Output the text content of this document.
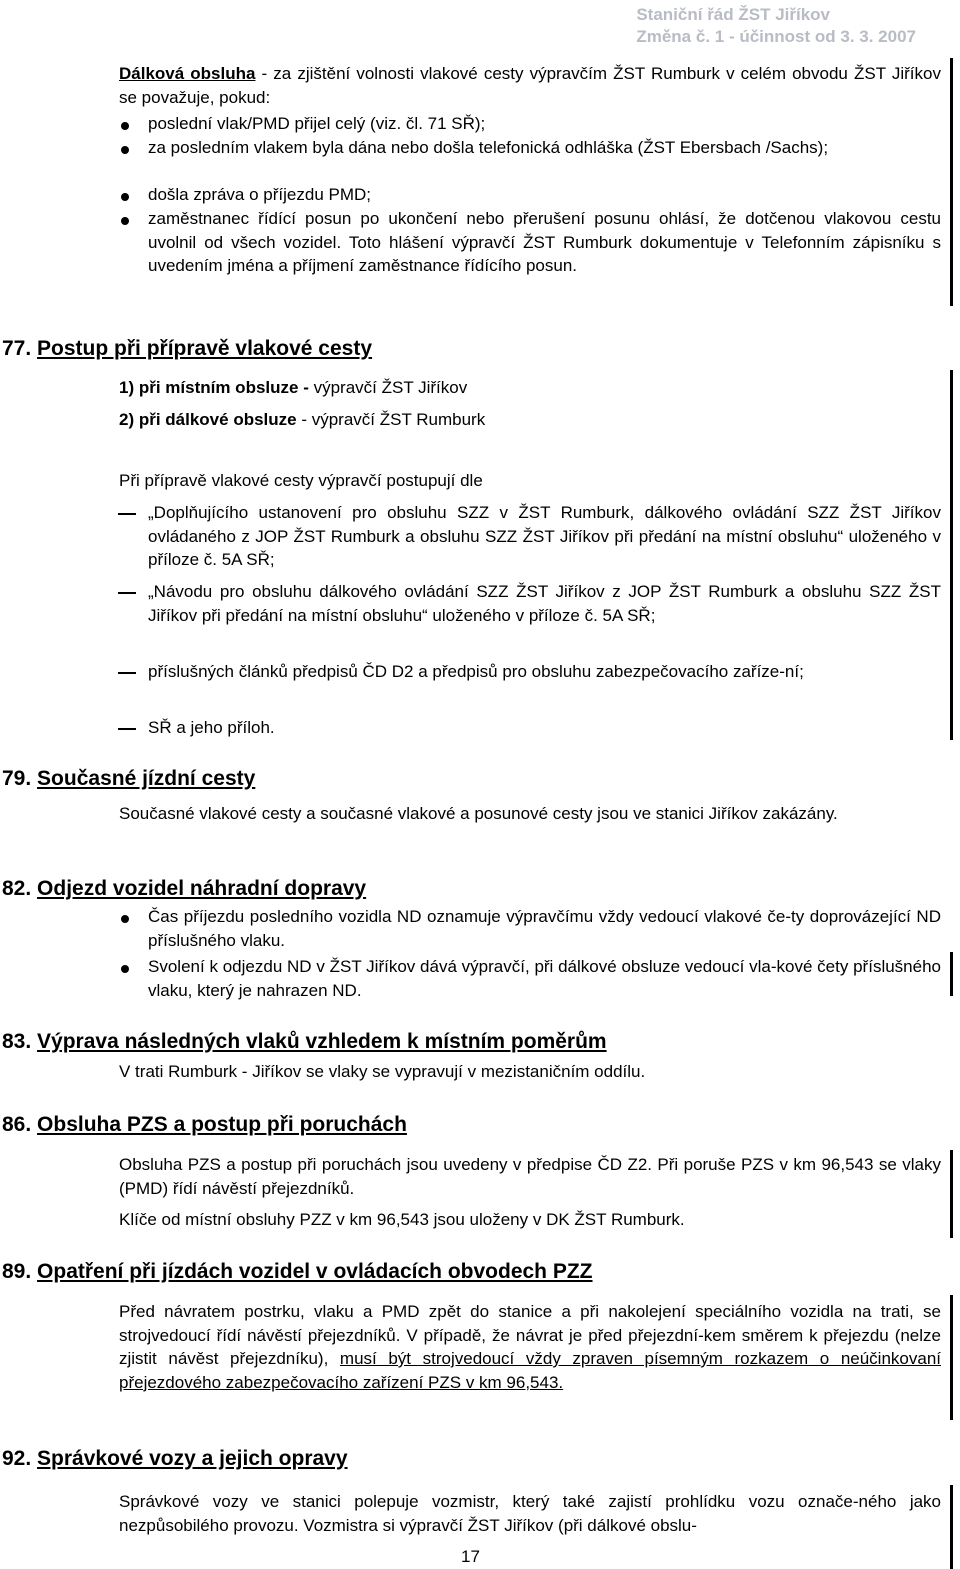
Staniční řád ŽST Jiříkov
Změna č. 1 - účinnost od 3. 3. 2007
Dálková obsluha - za zjištění volnosti vlakové cesty výpravčím ŽST Rumburk v celém obvodu ŽST Jiříkov se považuje, pokud:
poslední vlak/PMD přijel celý (viz. čl. 71 SŘ);
za posledním vlakem byla dána nebo došla telefonická odhláška (ŽST Ebersbach /Sachs);
došla zpráva o příjezdu PMD;
zaměstnanec řídící posun po ukončení nebo přerušení posunu ohlásí, že dotčenou vlakovou cestu uvolnil od všech vozidel. Toto hlášení výpravčí ŽST Rumburk dokumentuje v Telefonním zápisníku s uvedením jména a příjmení zaměstnance řídícího posun.
77. Postup při přípravě vlakové cesty
1) při místním obsluze - výpravčí ŽST Jiříkov
2) při dálkové obsluze - výpravčí ŽST Rumburk
Při přípravě vlakové cesty výpravčí postupují dle
„Doplňujícího ustanovení pro obsluhu SZZ v ŽST Rumburk, dálkového ovládání SZZ ŽST Jiříkov ovládaného z JOP ŽST Rumburk a obsluhu SZZ ŽST Jiříkov při předání na místní obsluhu“ uloženého v příloze č. 5A SŘ;
„Návodu pro obsluhu dálkového ovládání SZZ ŽST Jiříkov z JOP ŽST Rumburk a obsluhu SZZ ŽST Jiříkov při předání na místní obsluhu“ uloženého v příloze č. 5A SŘ;
příslušných článků předpisů ČD D2 a předpisů pro obsluhu zabezpečovacího zaříze-ní;
SŘ a jeho příloh.
79. Současné jízdní cesty
Současné vlakové cesty a současné vlakové a posunové cesty jsou ve stanici Jiříkov zakázány.
82. Odjezd vozidel náhradní dopravy
Čas příjezdu posledního vozidla ND oznamuje výpravčímu vždy vedoucí vlakové če-ty doprovázející ND příslušného vlaku.
Svolení k odjezdu ND v ŽST Jiříkov dává výpravčí, při dálkové obsluze vedoucí vla-kové čety příslušného vlaku, který je nahrazen ND.
83. Výprava následných vlaků vzhledem k místním poměrům
V trati Rumburk - Jiříkov se vlaky se vypravují v mezistaničním oddílu.
86. Obsluha PZS a postup při poruchách
Obsluha PZS a postup při poruchách jsou uvedeny v předpise ČD Z2. Při poruše PZS v km 96,543 se vlaky (PMD) řídí návěstí přejezdníků.
Klíče od místní obsluhy PZZ v km 96,543 jsou uloženy v DK ŽST Rumburk.
89. Opatření při jízdách vozidel v ovládacích obvodech PZZ
Před návratem postrku, vlaku a PMD zpět do stanice a při nakolejení speciálního vozidla na trati, se strojvedoucí řídí návěstí přejezdníků. V případě, že návrat je před přejezdní-kem směrem k přejezdu (nelze zjistit návěst přejezdníku), musí být strojvedoucí vždy zpraven písemným rozkazem o neúčinkovaní přejezdového zabezpečovacího zařízení PZS v km 96,543.
92. Správkové vozy a jejich opravy
Správkové vozy ve stanici polepuje vozmistr, který také zajistí prohlídku vozu označe-ného jako nezpůsobilého provozu. Vozmistra si výpravčí ŽST Jiříkov (při dálkové obslu-
17
